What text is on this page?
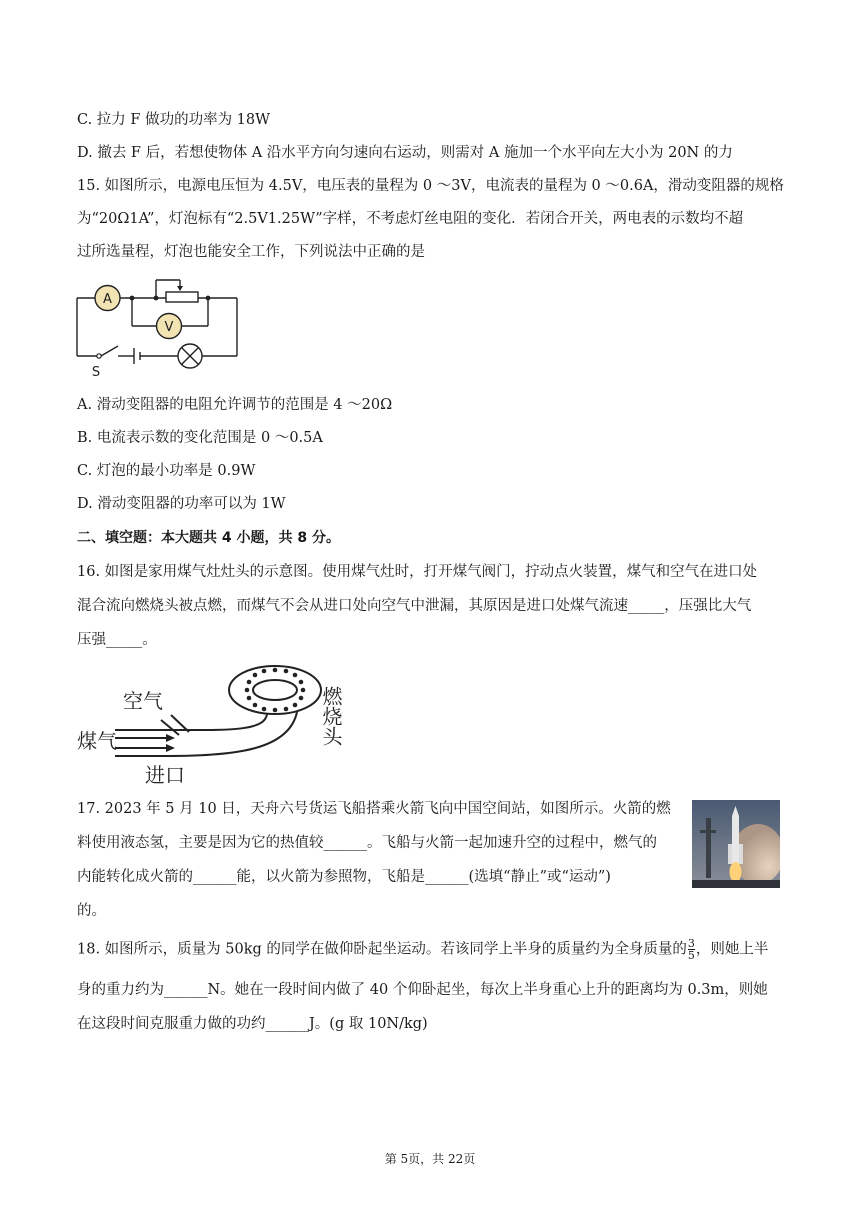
C. 拉力 F 做功的功率为 18W
D. 撤去 F 后，若想使物体 A 沿水平方向匀速向右运动，则需对 A 施加一个水平向左大小为 20N 的力
15. 如图所示，电源电压恒为 4.5V，电压表的量程为 0 ～3V，电流表的量程为 0 ～0.6A，滑动变阻器的规格
为“20Ω1A”，灯泡标有“2.5V1.25W”字样，不考虑灯丝电阻的变化．若闭合开关，两电表的示数均不超
过所选量程，灯泡也能安全工作，下列说法中正确的是
A
V
S
A. 滑动变阻器的电阻允许调节的范围是 4 ～20Ω
B. 电流表示数的变化范围是 0 ～0.5A
C. 灯泡的最小功率是 0.9W
D. 滑动变阻器的功率可以为 1W
二、填空题：本大题共 4 小题，共 8 分。
16. 如图是家用煤气灶灶头的示意图。使用煤气灶时，打开煤气阀门，拧动点火装置，煤气和空气在进口处
混合流向燃烧头被点燃，而煤气不会从进口处向空气中泄漏，其原因是进口处煤气流速_____，压强比大气
压强_____。
空气
煤气
进口
燃烧头
17. 2023 年 5 月 10 日，天舟六号货运飞船搭乘火箭飞向中国空间站，如图所示。火箭的燃
料使用液态氢，主要是因为它的热值较______。飞船与火箭一起加速升空的过程中，燃气的
内能转化成火箭的______能，以火箭为参照物，飞船是______(选填“静止”或“运动”)
的。
18. 如图所示，质量为 50kg 的同学在做仰卧起坐运动。若该同学上半身的质量约为全身质量的$\frac{3}{5}$ ，则她上半
身的重力约为______N。她在一段时间内做了 40 个仰卧起坐，每次上半身重心上升的距离均为 0.3m，则她
在这段时间克服重力做的功约______J。(g 取 10N/kg)
第 5页，共 22页
